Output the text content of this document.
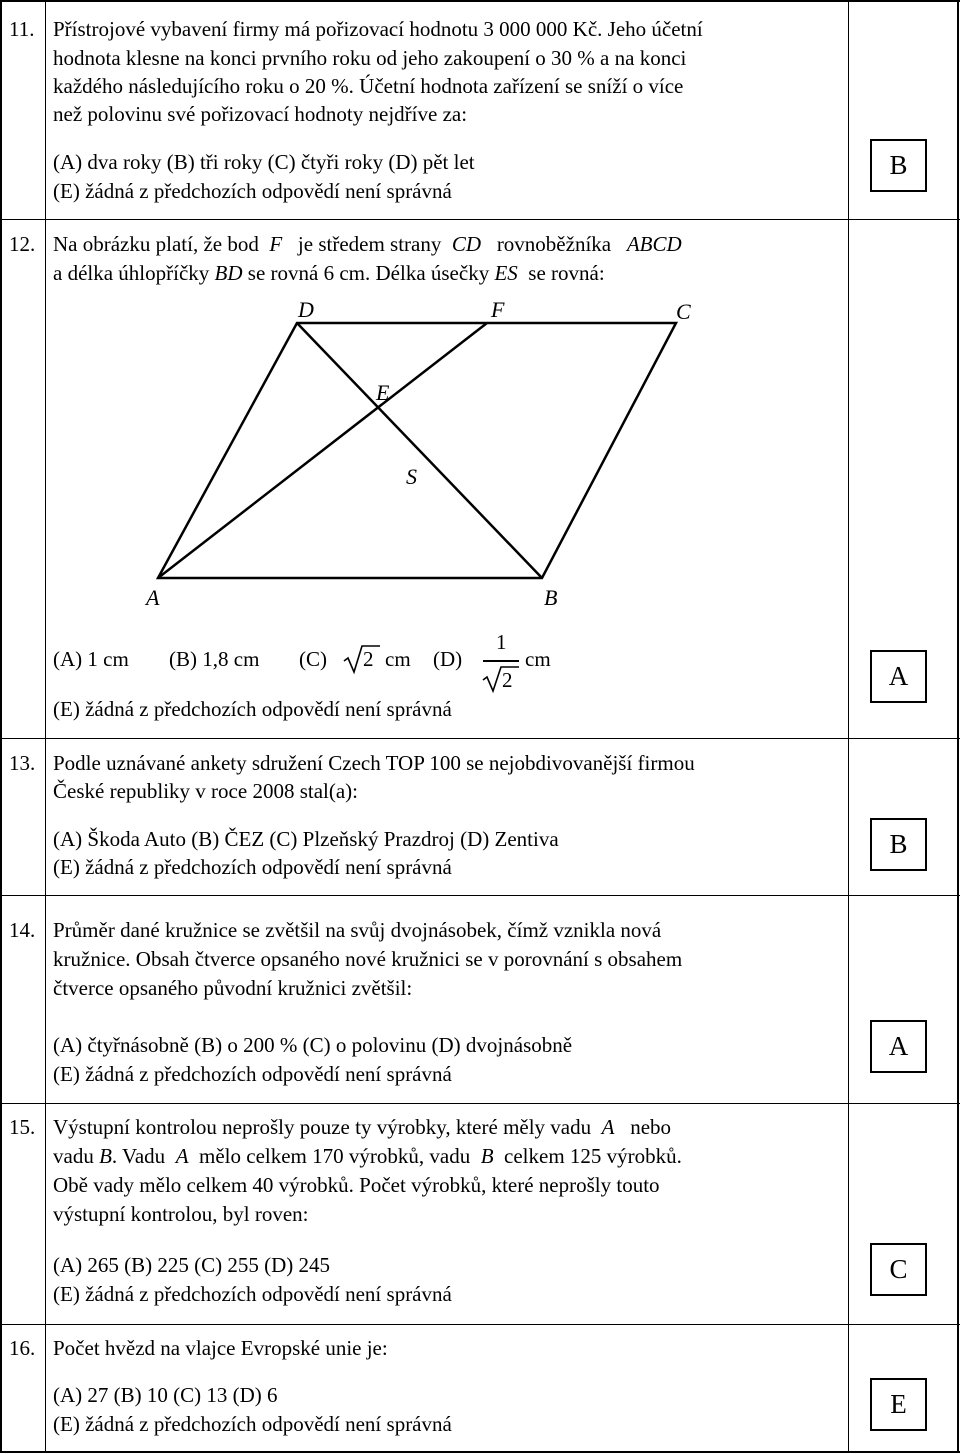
11. Přístrojové vybavení firmy má pořizovací hodnotu 3 000 000 Kč. Jeho účetní
hodnota klesne na konci prvního roku od jeho zakoupení o 30 % a na konci
každého následujícího roku o 20 %. Účetní hodnota zařízení se sníží o více
než polovinu své pořizovací hodnoty nejdříve za:
(A) dva roky (B) tři roky (C) čtyři roky (D) pět let
(E) žádná z předchozích odpovědí není správná
B
12. Na obrázku platí, že bod F je středem strany CD rovnoběžníka ABCD
a délka úhlopříčky BD se rovná 6 cm. Délka úsečky ES se rovná:
D	F	C
E
S
A	B
(A) 1 cm (B) 1,8 cm (C) 2 cm (D)
1
2
cm
(E) žádná z předchozích odpovědí není správná
A
13. Podle uznávané ankety sdružení Czech TOP 100 se nejobdivovanější firmou
České republiky v roce 2008 stal(a):
(A) Škoda Auto (B) ČEZ (C) Plzeňský Prazdroj (D) Zentiva
(E) žádná z předchozích odpovědí není správná
B
14. Průměr dané kružnice se zvětšil na svůj dvojnásobek, čímž vznikla nová
kružnice. Obsah čtverce opsaného nové kružnici se v porovnání s obsahem
čtverce opsaného původní kružnici zvětšil:
(A) čtyřnásobně (B) o 200 % (C) o polovinu (D) dvojnásobně
(E) žádná z předchozích odpovědí není správná
A
15. Výstupní kontrolou neprošly pouze ty výrobky, které měly vadu A nebo
vadu B. Vadu A mělo celkem 170 výrobků, vadu B celkem 125 výrobků.
Obě vady mělo celkem 40 výrobků. Počet výrobků, které neprošly touto
výstupní kontrolou, byl roven:
(A) 265 (B) 225 (C) 255 (D) 245
(E) žádná z předchozích odpovědí není správná
C
16. Počet hvězd na vlajce Evropské unie je:
(A) 27 (B) 10 (C) 13 (D) 6
(E) žádná z předchozích odpovědí není správná
E
